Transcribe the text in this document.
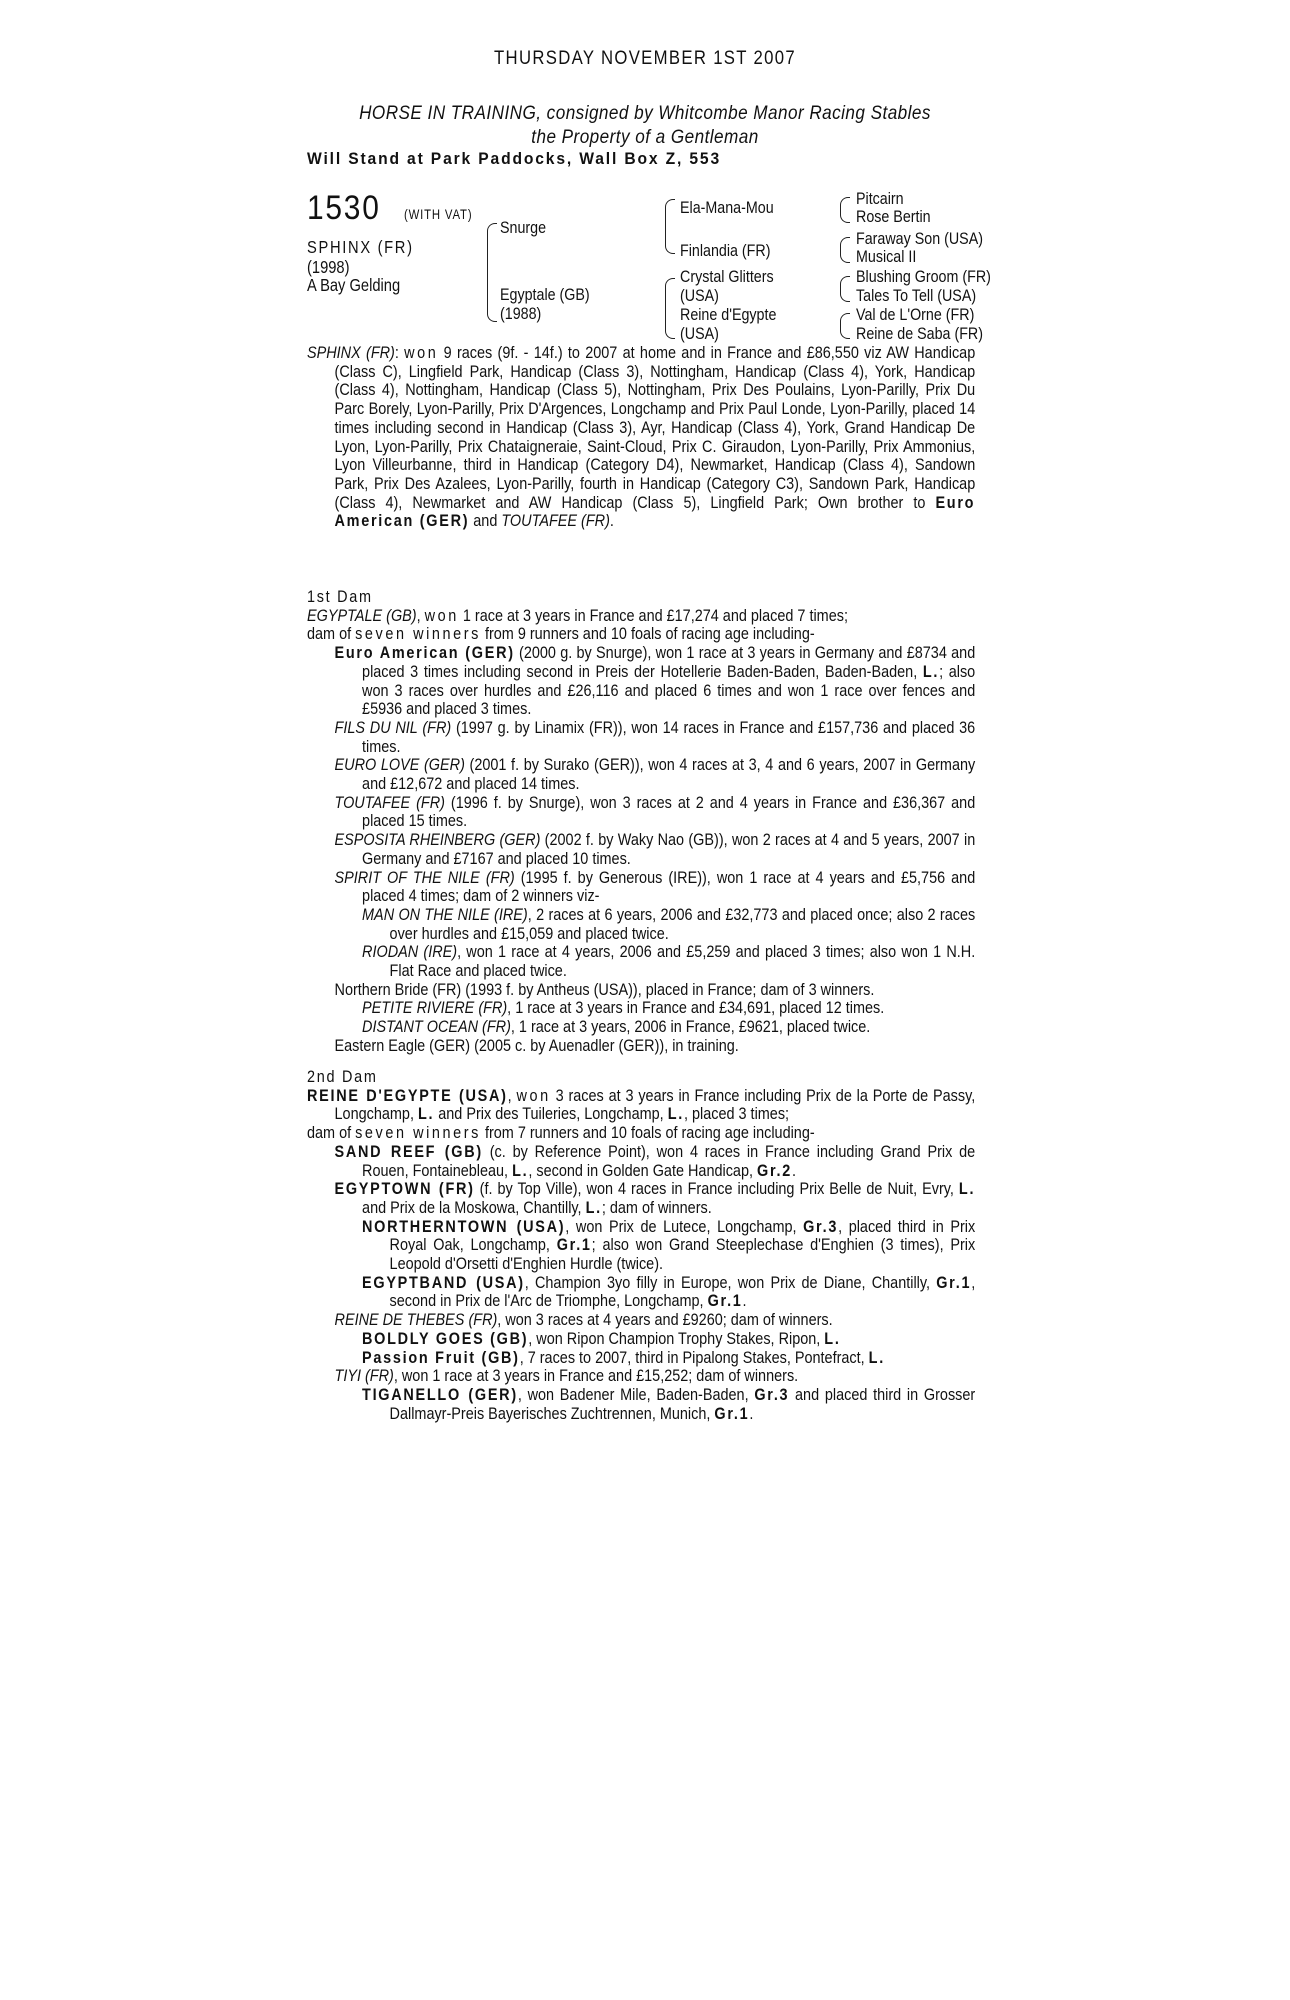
THURSDAY NOVEMBER 1ST 2007
HORSE IN TRAINING, consigned by Whitcombe Manor Racing Stables
the Property of a Gentleman
Will Stand at Park Paddocks, Wall Box Z, 553
1530 (WITH VAT)
SPHINX (FR)
(1998)
A Bay Gelding
Snurge
Egyptale (GB)
(1988)
Ela-Mana-Mou
Finlandia (FR)
Crystal Glitters
(USA)
Reine d'Egypte
(USA)
Pitcairn
Rose Bertin
Faraway Son (USA)
Musical II
Blushing Groom (FR)
Tales To Tell (USA)
Val de L'Orne (FR)
Reine de Saba (FR)

SPHINX (FR): won 9 races (9f. - 14f.) to 2007 at home and in France and £86,550 viz AW Handicap (Class C), Lingfield Park, Handicap (Class 3), Nottingham, Handicap (Class 4), York, Handicap (Class 4), Nottingham, Handicap (Class 5), Nottingham, Prix Des Poulains, Lyon-Parilly, Prix Du Parc Borely, Lyon-Parilly, Prix D'Argences, Longchamp and Prix Paul Londe, Lyon-Parilly, placed 14 times including second in Handicap (Class 3), Ayr, Handicap (Class 4), York, Grand Handicap De Lyon, Lyon-Parilly, Prix Chataigneraie, Saint-Cloud, Prix C. Giraudon, Lyon-Parilly, Prix Ammonius, Lyon Villeurbanne, third in Handicap (Category D4), Newmarket, Handicap (Class 4), Sandown Park, Prix Des Azalees, Lyon-Parilly, fourth in Handicap (Category C3), Sandown Park, Handicap (Class 4), Newmarket and AW Handicap (Class 5), Lingfield Park; Own brother to Euro American (GER) and TOUTAFEE (FR).

1st Dam

EGYPTALE (GB), won 1 race at 3 years in France and £17,274 and placed 7 times;

dam of seven winners from 9 runners and 10 foals of racing age including-

Euro American (GER) (2000 g. by Snurge), won 1 race at 3 years in Germany and £8734 and placed 3 times including second in Preis der Hotellerie Baden-Baden, Baden-Baden, L.; also won 3 races over hurdles and £26,116 and placed 6 times and won 1 race over fences and £5936 and placed 3 times.

FILS DU NIL (FR) (1997 g. by Linamix (FR)), won 14 races in France and £157,736 and placed 36 times.

EURO LOVE (GER) (2001 f. by Surako (GER)), won 4 races at 3, 4 and 6 years, 2007 in Germany and £12,672 and placed 14 times.

TOUTAFEE (FR) (1996 f. by Snurge), won 3 races at 2 and 4 years in France and £36,367 and placed 15 times.

ESPOSITA RHEINBERG (GER) (2002 f. by Waky Nao (GB)), won 2 races at 4 and 5 years, 2007 in Germany and £7167 and placed 10 times.

SPIRIT OF THE NILE (FR) (1995 f. by Generous (IRE)), won 1 race at 4 years and £5,756 and placed 4 times; dam of 2 winners viz-

MAN ON THE NILE (IRE), 2 races at 6 years, 2006 and £32,773 and placed once; also 2 races over hurdles and £15,059 and placed twice.

RIODAN (IRE), won 1 race at 4 years, 2006 and £5,259 and placed 3 times; also won 1 N.H. Flat Race and placed twice.

Northern Bride (FR) (1993 f. by Antheus (USA)), placed in France; dam of 3 winners.

PETITE RIVIERE (FR), 1 race at 3 years in France and £34,691, placed 12 times.

DISTANT OCEAN (FR), 1 race at 3 years, 2006 in France, £9621, placed twice.

Eastern Eagle (GER) (2005 c. by Auenadler (GER)), in training.

2nd Dam

REINE D'EGYPTE (USA), won 3 races at 3 years in France including Prix de la Porte de Passy, Longchamp, L. and Prix des Tuileries, Longchamp, L., placed 3 times;

dam of seven winners from 7 runners and 10 foals of racing age including-

SAND REEF (GB) (c. by Reference Point), won 4 races in France including Grand Prix de Rouen, Fontainebleau, L., second in Golden Gate Handicap, Gr.2.

EGYPTOWN (FR) (f. by Top Ville), won 4 races in France including Prix Belle de Nuit, Evry, L. and Prix de la Moskowa, Chantilly, L.; dam of winners.

NORTHERNTOWN (USA), won Prix de Lutece, Longchamp, Gr.3, placed third in Prix Royal Oak, Longchamp, Gr.1; also won Grand Steeplechase d'Enghien (3 times), Prix Leopold d'Orsetti d'Enghien Hurdle (twice).

EGYPTBAND (USA), Champion 3yo filly in Europe, won Prix de Diane, Chantilly, Gr.1, second in Prix de l'Arc de Triomphe, Longchamp, Gr.1.

REINE DE THEBES (FR), won 3 races at 4 years and £9260; dam of winners.

BOLDLY GOES (GB), won Ripon Champion Trophy Stakes, Ripon, L.

Passion Fruit (GB), 7 races to 2007, third in Pipalong Stakes, Pontefract, L.

TIYI (FR), won 1 race at 3 years in France and £15,252; dam of winners.

TIGANELLO (GER), won Badener Mile, Baden-Baden, Gr.3 and placed third in Grosser Dallmayr-Preis Bayerisches Zuchtrennen, Munich, Gr.1.
